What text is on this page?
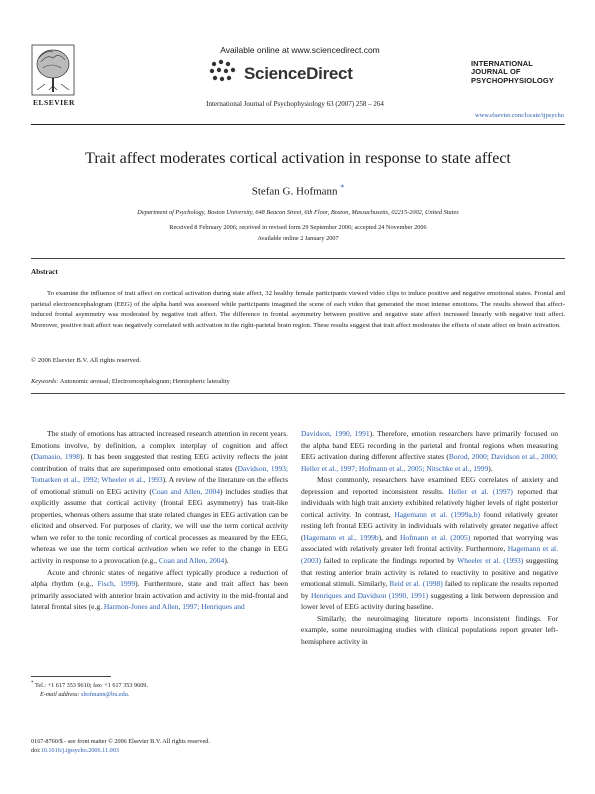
ELSEVIER
Available online at www.sciencedirect.com
ScienceDirect
International Journal of Psychophysiology 63 (2007) 258 – 264
INTERNATIONAL
JOURNAL OF
PSYCHOPHYSIOLOGY
www.elsevier.com/locate/ijpsycho
Trait affect moderates cortical activation in response to state affect
Stefan G. Hofmann *
Department of Psychology, Boston University, 648 Beacon Street, 6th Floor, Boston, Massachusetts, 02215-2002, United States
Received 8 February 2006; received in revised form 29 September 2006; accepted 24 November 2006
Available online 2 January 2007
Abstract
To examine the influence of trait affect on cortical activation during state affect, 32 healthy female participants viewed video clips to induce positive and negative emotional states. Frontal and parietal electroencephalogram (EEG) of the alpha band was assessed while participants imagined the scene of each video that generated the most intense emotions. The results showed that affect-induced frontal asymmetry was moderated by negative trait affect. The difference in frontal asymmetry between positive and negative state affect increased linearly with negative trait affect. Moreover, positive trait affect was negatively correlated with activation in the right-parietal brain region. These results suggest that trait affect moderates the effects of state affect on brain activation.
© 2006 Elsevier B.V. All rights reserved.
Keywords: Autonomic arousal; Electroencephalogram; Hemispheric laterality

The study of emotions has attracted increased research attention in recent years. Emotions involve, by definition, a complex interplay of cognition and affect (Damasio, 1998). It has been suggested that resting EEG activity reflects the joint contribution of traits that are superimposed onto emotional states (Davidson, 1993; Tomarken et al., 1992; Wheeler et al., 1993). A review of the literature on the effects of emotional stimuli on EEG activity (Coan and Allen, 2004) includes studies that explicitly assume that cortical activity (frontal EEG asymmetry) has trait-like properties, whereas others assume that state related changes in EEG activation can be elicited and observed. For purposes of clarity, we will use the term cortical activity when we refer to the tonic recording of cortical processes as measured by the EEG, whereas we use the term cortical activation when we refer to the change in EEG activity in response to a provocation (e.g., Coan and Allen, 2004).

Acute and chronic states of negative affect typically produce a reduction of alpha rhythm (e.g., Fisch, 1999). Furthermore, state and trait affect has been primarily associated with anterior brain activation and activity in the mid-frontal and lateral frontal sites (e.g. Harmon-Jones and Allen, 1997; Henriques and

Davidson, 1990, 1991). Therefore, emotion researchers have primarily focused on the alpha band EEG recording in the parietal and frontal regions when measuring EEG activation during different affective states (Borod, 2000; Davidson et al., 2000; Heller et al., 1997; Hofmann et al., 2005; Nitschke et al., 1999).

Most commonly, researchers have examined EEG correlates of anxiety and depression and reported inconsistent results. Heller et al. (1997) reported that individuals with high trait anxiety exhibited relatively higher levels of right posterior cortical activity. In contrast, Hagemann et al. (1999a,b) found relatively greater resting left frontal EEG activity in individuals with relatively greater negative affect (Hagemann et al., 1999b), and Hofmann et al. (2005) reported that worrying was associated with relatively greater left frontal activity. Furthermore, Hagemann et al. (2003) failed to replicate the findings reported by Wheeler et al. (1993) suggesting that resting anterior brain activity is related to reactivity to positive and negative emotional stimuli. Similarly, Reid et al. (1998) failed to replicate the results reported by Henriques and Davidson (1990, 1991) suggesting a link between depression and lower level of EEG activity during baseline.

Similarly, the neuroimaging literature reports inconsistent findings. For example, some neuroimaging studies with clinical populations report greater left-hemisphere activity in

* Tel.: +1 617 353 9610; fax: +1 617 353 9609.
E-mail address: shofmann@bu.edu.
0167-8760/$ - see front matter © 2006 Elsevier B.V. All rights reserved.
doi:10.1016/j.ijpsycho.2006.11.003
